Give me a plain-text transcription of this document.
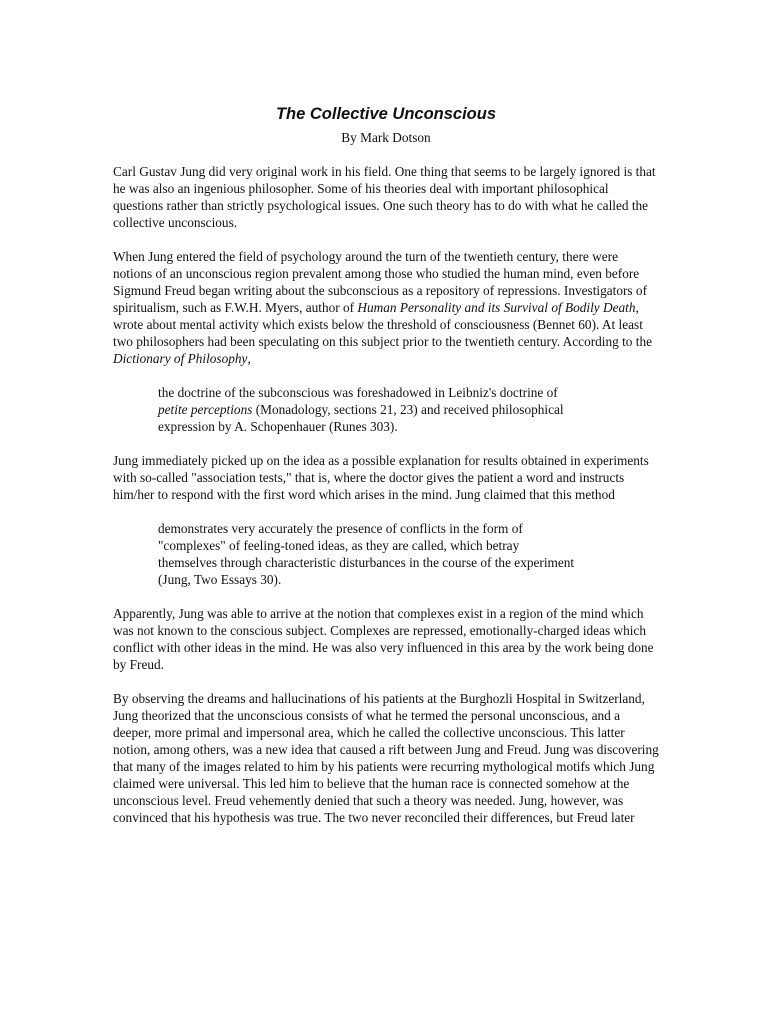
The Collective Unconscious

By Mark Dotson

Carl Gustav Jung did very original work in his field. One thing that seems to be largely ignored is that he was also an ingenious philosopher. Some of his theories deal with important philosophical questions rather than strictly psychological issues. One such theory has to do with what he called the collective unconscious.

When Jung entered the field of psychology around the turn of the twentieth century, there were notions of an unconscious region prevalent among those who studied the human mind, even before Sigmund Freud began writing about the subconscious as a repository of repressions. Investigators of spiritualism, such as F.W.H. Myers, author of Human Personality and its Survival of Bodily Death, wrote about mental activity which exists below the threshold of consciousness (Bennet 60). At least two philosophers had been speculating on this subject prior to the twentieth century. According to the Dictionary of Philosophy,

the doctrine of the subconscious was foreshadowed in Leibniz's doctrine of petite perceptions (Monadology, sections 21, 23) and received philosophical expression by A. Schopenhauer (Runes 303).

Jung immediately picked up on the idea as a possible explanation for results obtained in experiments with so-called "association tests," that is, where the doctor gives the patient a word and instructs him/her to respond with the first word which arises in the mind. Jung claimed that this method

demonstrates very accurately the presence of conflicts in the form of "complexes" of feeling-toned ideas, as they are called, which betray themselves through characteristic disturbances in the course of the experiment (Jung, Two Essays 30).

Apparently, Jung was able to arrive at the notion that complexes exist in a region of the mind which was not known to the conscious subject. Complexes are repressed, emotionally-charged ideas which conflict with other ideas in the mind. He was also very influenced in this area by the work being done by Freud.

By observing the dreams and hallucinations of his patients at the Burghozli Hospital in Switzerland, Jung theorized that the unconscious consists of what he termed the personal unconscious, and a deeper, more primal and impersonal area, which he called the collective unconscious. This latter notion, among others, was a new idea that caused a rift between Jung and Freud. Jung was discovering that many of the images related to him by his patients were recurring mythological motifs which Jung claimed were universal. This led him to believe that the human race is connected somehow at the unconscious level. Freud vehemently denied that such a theory was needed. Jung, however, was convinced that his hypothesis was true. The two never reconciled their differences, but Freud later
